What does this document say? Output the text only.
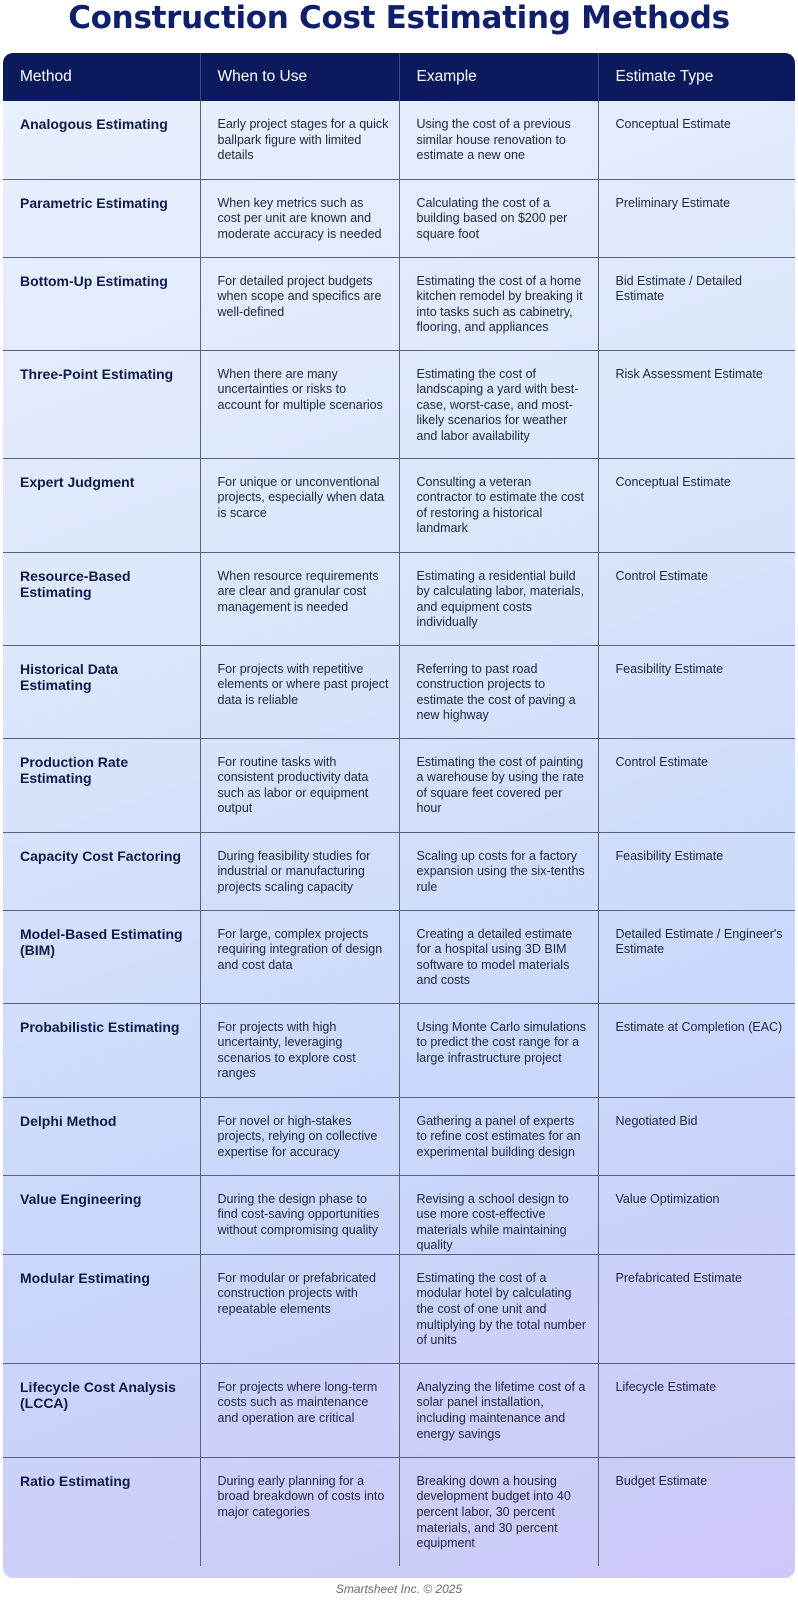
Construction Cost Estimating Methods
Method	When to Use	Example	Estimate Type
Analogous Estimating	Early project stages for a quick ballpark figure with limited details	Using the cost of a previous similar house renovation to estimate a new one	Conceptual Estimate
Parametric Estimating	When key metrics such as cost per unit are known and moderate accuracy is needed	Calculating the cost of a building based on $200 per square foot	Preliminary Estimate
Bottom-Up Estimating	For detailed project budgets when scope and specifics are well-defined	Estimating the cost of a home kitchen remodel by breaking it into tasks such as cabinetry, flooring, and appliances	Bid Estimate / Detailed Estimate
Three-Point Estimating	When there are many uncertainties or risks to account for multiple scenarios	Estimating the cost of landscaping a yard with best-case, worst-case, and most-likely scenarios for weather and labor availability	Risk Assessment Estimate
Expert Judgment	For unique or unconventional projects, especially when data is scarce	Consulting a veteran contractor to estimate the cost of restoring a historical landmark	Conceptual Estimate
Resource-Based Estimating	When resource requirements are clear and granular cost management is needed	Estimating a residential build by calculating labor, materials, and equipment costs individually	Control Estimate
Historical Data Estimating	For projects with repetitive elements or where past project data is reliable	Referring to past road construction projects to estimate the cost of paving a new highway	Feasibility Estimate
Production Rate Estimating	For routine tasks with consistent productivity data such as labor or equipment output	Estimating the cost of painting a warehouse by using the rate of square feet covered per hour	Control Estimate
Capacity Cost Factoring	During feasibility studies for industrial or manufacturing projects scaling capacity	Scaling up costs for a factory expansion using the six-tenths rule	Feasibility Estimate
Model-Based Estimating (BIM)	For large, complex projects requiring integration of design and cost data	Creating a detailed estimate for a hospital using 3D BIM software to model materials and costs	Detailed Estimate / Engineer's Estimate
Probabilistic Estimating	For projects with high uncertainty, leveraging scenarios to explore cost ranges	Using Monte Carlo simulations to predict the cost range for a large infrastructure project	Estimate at Completion (EAC)
Delphi Method	For novel or high-stakes projects, relying on collective expertise for accuracy	Gathering a panel of experts to refine cost estimates for an experimental building design	Negotiated Bid
Value Engineering	During the design phase to find cost-saving opportunities without compromising quality	Revising a school design to use more cost-effective materials while maintaining quality	Value Optimization
Modular Estimating	For modular or prefabricated construction projects with repeatable elements	Estimating the cost of a modular hotel by calculating the cost of one unit and multiplying by the total number of units	Prefabricated Estimate
Lifecycle Cost Analysis (LCCA)	For projects where long-term costs such as maintenance and operation are critical	Analyzing the lifetime cost of a solar panel installation, including maintenance and energy savings	Lifecycle Estimate
Ratio Estimating	During early planning for a broad breakdown of costs into major categories	Breaking down a housing development budget into 40 percent labor, 30 percent materials, and 30 percent equipment	Budget Estimate
Smartsheet Inc. © 2025
